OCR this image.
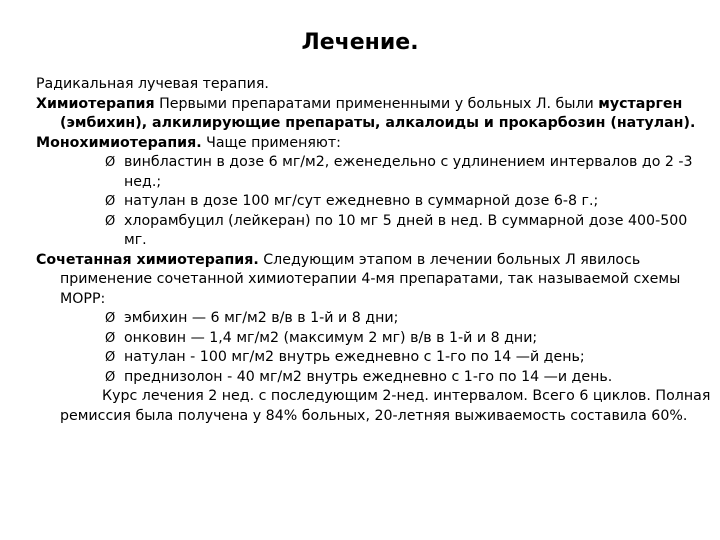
Лечение.

Радикальная лучевая терапия.

Химиотерапия Первыми препаратами примененными у больных Л. были мустарген (эмбихин), алкилирующие препараты, алкалоиды и прокарбозин (натулан).

Монохимиотерапия. Чаще применяют:

Ø винбластин в дозе 6 мг/м2, еженедельно с удлинением интервалов до 2 -3 нед.;

Ø натулан в дозе 100 мг/сут ежедневно в суммарной дозе 6-8 г.;

Ø хлорамбуцил (лейкеран) по 10 мг 5 дней в нед. В суммарной дозе 400-500 мг.

Сочетанная химиотерапия. Следующим этапом в лечении больных Л явилось применение сочетанной химиотерапии 4-мя препаратами, так называемой схемы МОРР:

Ø эмбихин — 6 мг/м2 в/в в 1-й и 8 дни;

Ø онковин — 1,4 мг/м2 (максимум 2 мг) в/в в 1-й и 8 дни;

Ø натулан - 100 мг/м2 внутрь ежедневно с 1-го по 14 —й день;

Ø преднизолон - 40 мг/м2 внутрь ежедневно с 1-го по 14 —и день.

Курс лечения 2 нед. с последующим 2-нед. интервалом. Всего 6 циклов. Полная ремиссия была получена у 84% больных, 20-летняя выживаемость составила 60%.
